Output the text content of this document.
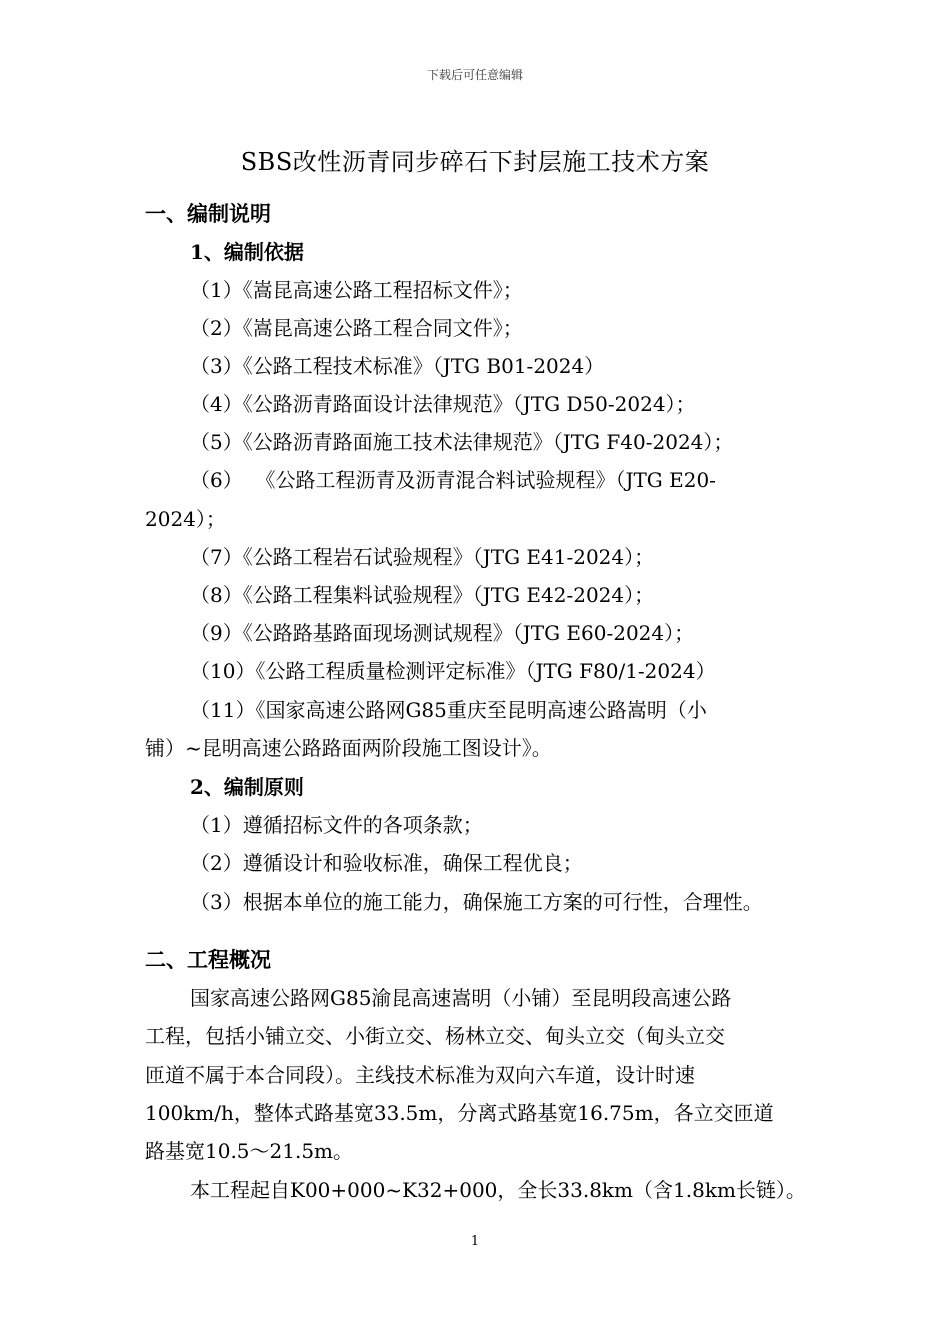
下载后可任意编辑
SBS改性沥青同步碎石下封层施工技术方案
一、编制说明
1、编制依据
（1）《嵩昆高速公路工程招标文件》；
（2）《嵩昆高速公路工程合同文件》；
（3）《公路工程技术标准》（JTG B01-2024）
（4）《公路沥青路面设计法律规范》（JTG D50-2024）；
（5）《公路沥青路面施工技术法律规范》（JTG F40-2024）；
（6）  《公路工程沥青及沥青混合料试验规程》（JTG E20-
2024）；
（7）《公路工程岩石试验规程》（JTG E41-2024）；
（8）《公路工程集料试验规程》（JTG E42-2024）；
（9）《公路路基路面现场测试规程》（JTG E60-2024）；
（10）《公路工程质量检测评定标准》（JTG F80/1-2024）
（11）《国家高速公路网G85重庆至昆明高速公路嵩明（小
铺）~昆明高速公路路面两阶段施工图设计》。
2、编制原则
（1）遵循招标文件的各项条款；
（2）遵循设计和验收标准，确保工程优良；
（3）根据本单位的施工能力，确保施工方案的可行性，合理性。
二、工程概况
国家高速公路网G85渝昆高速嵩明（小铺）至昆明段高速公路
工程，包括小铺立交、小街立交、杨林立交、甸头立交（甸头立交
匝道不属于本合同段）。主线技术标准为双向六车道，设计时速
100km/h，整体式路基宽33.5m，分离式路基宽16.75m，各立交匝道
路基宽10.5～21.5m。
本工程起自K00+000~K32+000，全长33.8km（含1.8km长链）。
1
